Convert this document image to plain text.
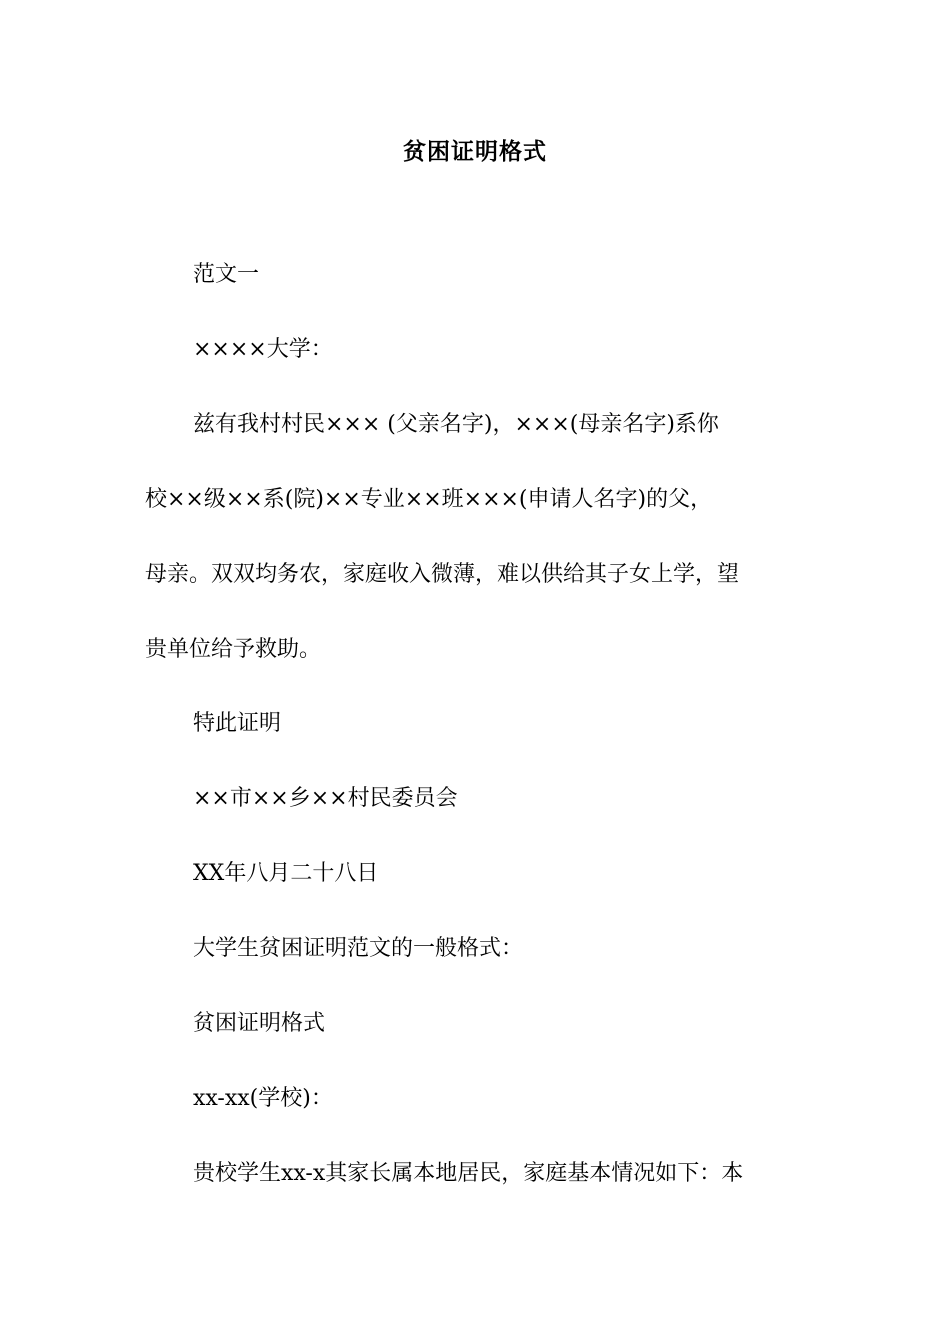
贫困证明格式

范文一

××××大学：

兹有我村村民××× (父亲名字)，×××(母亲名字)系你
校××级××系(院)××专业××班×××(申请人名字)的父，
母亲。双双均务农，家庭收入微薄，难以供给其子女上学，望
贵单位给予救助。

特此证明

××市××乡××村民委员会

XX年八月二十八日

大学生贫困证明范文的一般格式：

贫困证明格式

xx-xx(学校)：

贵校学生xx-x其家长属本地居民，家庭基本情况如下：本
